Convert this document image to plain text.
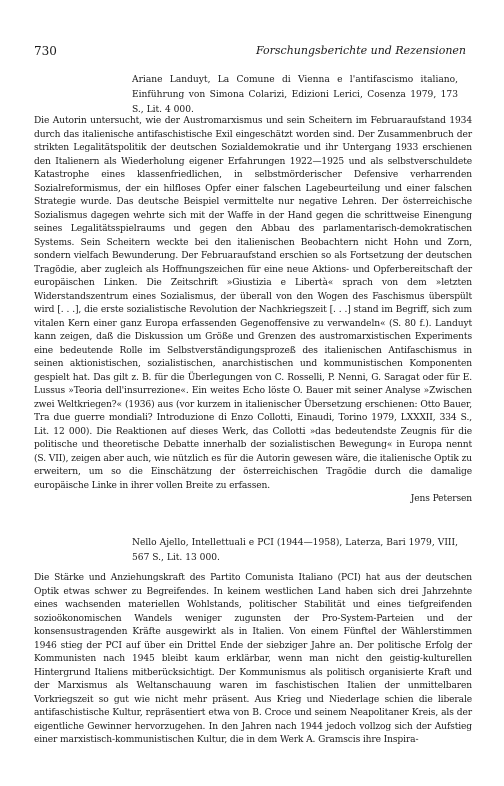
730	Forschungsberichte und Rezensionen
Ariane Landuyt, La Comune di Vienna e l'antifascismo italiano, Einführung von Simona Colarizi, Edizioni Lerici, Cosenza 1979, 173 S., Lit. 4 000.

Die Autorin untersucht, wie der Austromarxismus und sein Scheitern im Februaraufstand 1934 durch das italienische antifaschistische Exil eingeschätzt worden sind. Der Zusammenbruch der strikten Legalitätspolitik der deutschen Sozialdemokratie und ihr Untergang 1933 erschienen den Italienern als Wiederholung eigener Erfahrungen 1922—1925 und als selbstverschuldete Katastrophe eines klassenfriedlichen, in selbstmörderischer Defensive verharrenden Sozialreformismus, der ein hilfloses Opfer einer falschen Lagebeurteilung und einer falschen Strategie wurde. Das deutsche Beispiel vermittelte nur negative Lehren. Der österreichische Sozialismus dagegen wehrte sich mit der Waffe in der Hand gegen die schrittweise Einengung seines Legalitätsspielraums und gegen den Abbau des parlamentarisch-demokratischen Systems. Sein Scheitern weckte bei den italienischen Beobachtern nicht Hohn und Zorn, sondern vielfach Bewunderung. Der Februaraufstand erschien so als Fortsetzung der deutschen Tragödie, aber zugleich als Hoffnungszeichen für eine neue Aktions- und Opferbereitschaft der europäischen Linken. Die Zeitschrift »Giustizia e Libertà« sprach von dem »letzten Widerstandszentrum eines Sozialismus, der überall von den Wogen des Faschismus überspült wird [. . .], die erste sozialistische Revolution der Nachkriegszeit [. . .] stand im Begriff, sich zum vitalen Kern einer ganz Europa erfassenden Gegenoffensive zu verwandeln« (S. 80 f.). Landuyt kann zeigen, daß die Diskussion um Größe und Grenzen des austromarxistischen Experiments eine bedeutende Rolle im Selbstverständigungsprozeß des italienischen Antifaschismus in seinen aktionistischen, sozialistischen, anarchistischen und kommunistischen Komponenten gespielt hat. Das gilt z. B. für die Überlegungen von C. Rosselli, P. Nenni, G. Saragat oder für E. Lussus »Teoria dell'insurrezione«. Ein weites Echo löste O. Bauer mit seiner Analyse »Zwischen zwei Weltkriegen?« (1936) aus (vor kurzem in italienischer Übersetzung erschienen: Otto Bauer, Tra due guerre mondiali? Introduzione di Enzo Collotti, Einaudi, Torino 1979, LXXXII, 334 S., Lit. 12 000). Die Reaktionen auf dieses Werk, das Collotti »das bedeutendste Zeugnis für die politische und theoretische Debatte innerhalb der sozialistischen Bewegung« in Europa nennt (S. VII), zeigen aber auch, wie nützlich es für die Autorin gewesen wäre, die italienische Optik zu erweitern, um so die Einschätzung der österreichischen Tragödie durch die damalige europäische Linke in ihrer vollen Breite zu erfassen.

Jens Petersen

Nello Ajello, Intellettuali e PCI (1944—1958), Laterza, Bari 1979, VIII, 567 S., Lit. 13 000.

Die Stärke und Anziehungskraft des Partito Comunista Italiano (PCI) hat aus der deutschen Optik etwas schwer zu Begreifendes. In keinem westlichen Land haben sich drei Jahrzehnte eines wachsenden materiellen Wohlstands, politischer Stabilität und eines tiefgreifenden sozioökonomischen Wandels weniger zugunsten der Pro-System-Parteien und der konsensustragenden Kräfte ausgewirkt als in Italien. Von einem Fünftel der Wählerstimmen 1946 stieg der PCI auf über ein Drittel Ende der siebziger Jahre an. Der politische Erfolg der Kommunisten nach 1945 bleibt kaum erklärbar, wenn man nicht den geistig-kulturellen Hintergrund Italiens mitberücksichtigt. Der Kommunismus als politisch organisierte Kraft und der Marxismus als Weltanschauung waren im faschistischen Italien der unmittelbaren Vorkriegszeit so gut wie nicht mehr präsent. Aus Krieg und Niederlage schien die liberale antifaschistische Kultur, repräsentiert etwa von B. Croce und seinem Neapolitaner Kreis, als der eigentliche Gewinner hervorzugehen. In den Jahren nach 1944 jedoch vollzog sich der Aufstieg einer marxistisch-kommunistischen Kultur, die in dem Werk A. Gramscis ihre Inspira-
